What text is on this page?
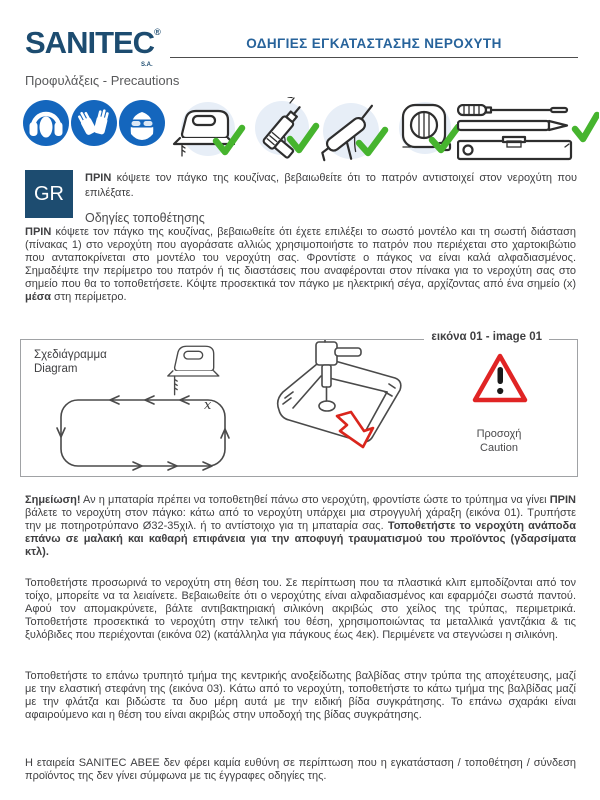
SANITEC®
S.A.
ΟΔΗΓΙΕΣ ΕΓΚΑΤΑΣΤΑΣΗΣ ΝΕΡΟΧΥΤΗ
Προφυλάξεις - Precautions
GR
ΠΡΙΝ κόψετε τον πάγκο της κουζίνας, βεβαιωθείτε ότι το πατρόν αντιστοιχεί στον νεροχύτη που επιλέξατε.
Οδηγίες τοποθέτησης
ΠΡΙΝ κόψετε τον πάγκο της κουζίνας, βεβαιωθείτε ότι έχετε επιλέξει το σωστό μοντέλο και τη σωστή διάσταση (πίνακας 1) στο νεροχύτη που αγοράσατε αλλιώς χρησιμοποιήστε το πατρόν που περιέχεται στο χαρτοκιβώτιο που ανταποκρίνεται στο μοντέλο του νεροχύτη σας. Φροντίστε ο πάγκος να είναι καλά αλφαδιασμένος. Σημαδέψτε την περίμετρο του πατρόν ή τις διαστάσεις που αναφέρονται στον πίνακα για το νεροχύτη σας στο σημείο που θα το τοποθετήσετε. Κόψτε προσεκτικά τον πάγκο με ηλεκτρική σέγα, αρχίζοντας από ένα σημείο (x) μέσα στη περίμετρο.
εικόνα 01 - image 01
Σχεδιάγραμμα
Diagram
x
Προσοχή
Caution
Σημείωση! Αν η μπαταρία πρέπει να τοποθετηθεί πάνω στο νεροχύτη, φροντίστε ώστε το τρύπημα να γίνει ΠΡΙΝ βάλετε το νεροχύτη στον πάγκο: κάτω από το νεροχύτη υπάρχει μια στρογγυλή χάραξη (εικόνα 01). Τρυπήστε την με ποτηροτρύπανο Ø32-35χιλ. ή το αντίστοιχο για τη μπαταρία σας. Τοποθετήστε το νεροχύτη ανάποδα επάνω σε μαλακή και καθαρή επιφάνεια για την αποφυγή τραυματισμού του προϊόντος (γδαρσίματα κτλ).
Τοποθετήστε προσωρινά το νεροχύτη στη θέση του. Σε περίπτωση που τα πλαστικά κλιπ εμποδίζονται από τον τοίχο, μπορείτε να τα λειαίνετε. Βεβαιωθείτε ότι ο νεροχύτης είναι αλφαδιασμένος και εφαρμόζει σωστά παντού. Αφού τον απομακρύνετε, βάλτε αντιβακτηριακή σιλικόνη ακριβώς στο χείλος της τρύπας, περιμετρικά. Τοποθετήστε προσεκτικά το νεροχύτη στην τελική του θέση, χρησιμοποιώντας τα μεταλλικά γαντζάκια & τις ξυλόβιδες που περιέχονται (εικόνα 02) (κατάλληλα για πάγκους έως 4εκ). Περιμένετε να στεγνώσει η σιλικόνη.
Τοποθετήστε το επάνω τρυπητό τμήμα της κεντρικής ανοξείδωτης βαλβίδας στην τρύπα της αποχέτευσης, μαζί με την ελαστική στεφάνη της (εικόνα 03). Κάτω από το νεροχύτη, τοποθετήστε το κάτω τμήμα της βαλβίδας μαζί με την φλάτζα και βιδώστε τα δυο μέρη αυτά με την ειδική βίδα συγκράτησης. Το επάνω σχαράκι είναι αφαιρούμενο και η θέση του είναι ακριβώς στην υποδοχή της βίδας συγκράτησης.
Η εταιρεία SANITEC ΑΒΕΕ δεν φέρει καμία ευθύνη σε περίπτωση που η εγκατάσταση / τοποθέτηση / σύνδεση προϊόντος της δεν γίνει σύμφωνα με τις έγγραφες οδηγίες της.
